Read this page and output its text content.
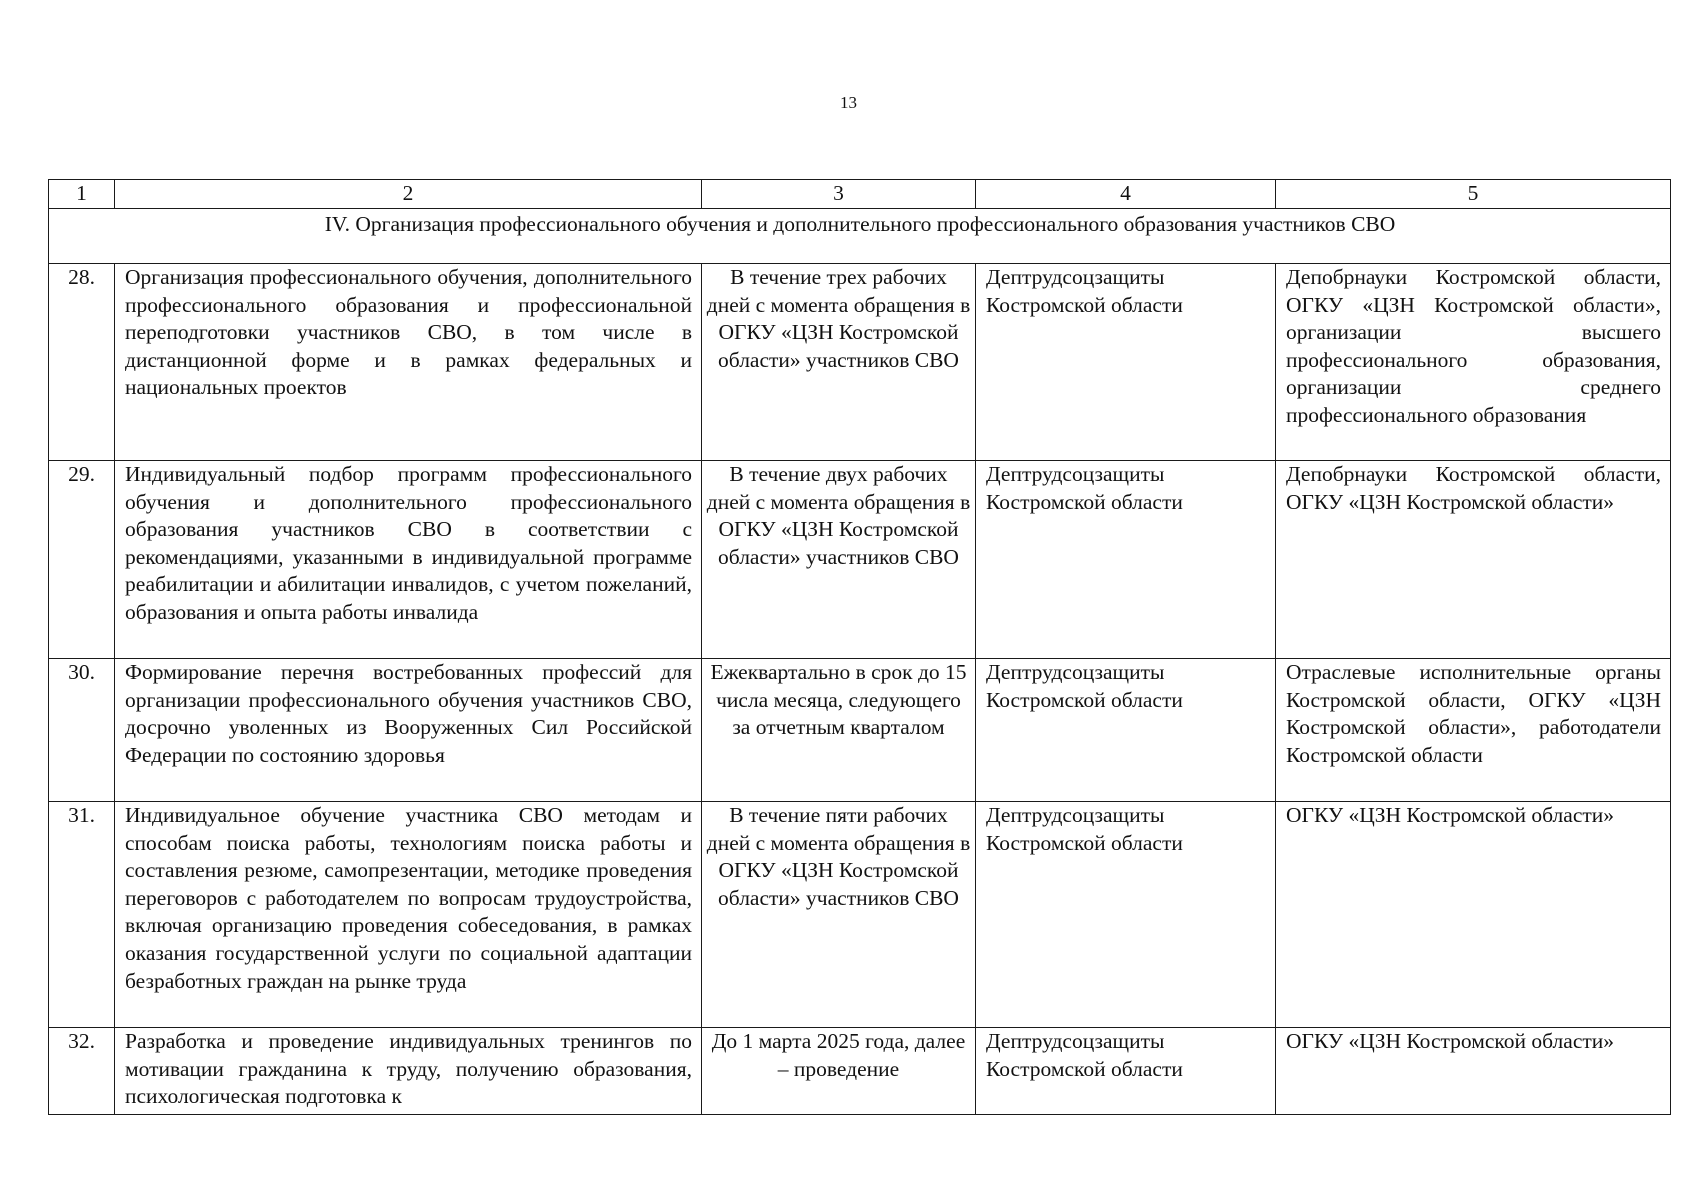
13
1	2	3	4	5
IV. Организация профессионального обучения и дополнительного профессионального образования участников СВО				
28.	Организация профессионального обучения, дополнительного профессионального образования и профессиональной переподготовки участников СВО, в том числе в дистанционной форме и в рамках федеральных и национальных проектов	В течение трех рабочих дней с момента обращения в ОГКУ «ЦЗН Костромской области» участников СВО	Дептрудсоцзащиты Костромской области	Депобрнауки Костромской области, ОГКУ «ЦЗН Костромской области», организации высшего профессионального образования, организации среднего профессионального образования
29.	Индивидуальный подбор программ профессионального обучения и дополнительного профессионального образования участников СВО в соответствии с рекомендациями, указанными в индивидуальной программе реабилитации и абилитации инвалидов, с учетом пожеланий, образования и опыта работы инвалида	В течение двух рабочих дней с момента обращения в ОГКУ «ЦЗН Костромской области» участников СВО	Дептрудсоцзащиты Костромской области	Депобрнауки Костромской области, ОГКУ «ЦЗН Костромской области»
30.	Формирование перечня востребованных профессий для организации профессионального обучения участников СВО, досрочно уволенных из Вооруженных Сил Российской Федерации по состоянию здоровья	Ежеквартально в срок до 15 числа месяца, следующего за отчетным кварталом	Дептрудсоцзащиты Костромской области	Отраслевые исполнительные органы Костромской области, ОГКУ «ЦЗН Костромской области», работодатели Костромской области
31.	Индивидуальное обучение участника СВО методам и способам поиска работы, технологиям поиска работы и составления резюме, самопрезентации, методике проведения переговоров с работодателем по вопросам трудоустройства, включая организацию проведения собеседования, в рамках оказания государственной услуги по социальной адаптации безработных граждан на рынке труда	В течение пяти рабочих дней с момента обращения в ОГКУ «ЦЗН Костромской области» участников СВО	Дептрудсоцзащиты Костромской области	ОГКУ «ЦЗН Костромской области»
32.	Разработка и проведение индивидуальных тренингов по мотивации гражданина к труду, получению образования, психологическая подготовка к	До 1 марта 2025 года, далее – проведение	Дептрудсоцзащиты Костромской области	ОГКУ «ЦЗН Костромской области»
